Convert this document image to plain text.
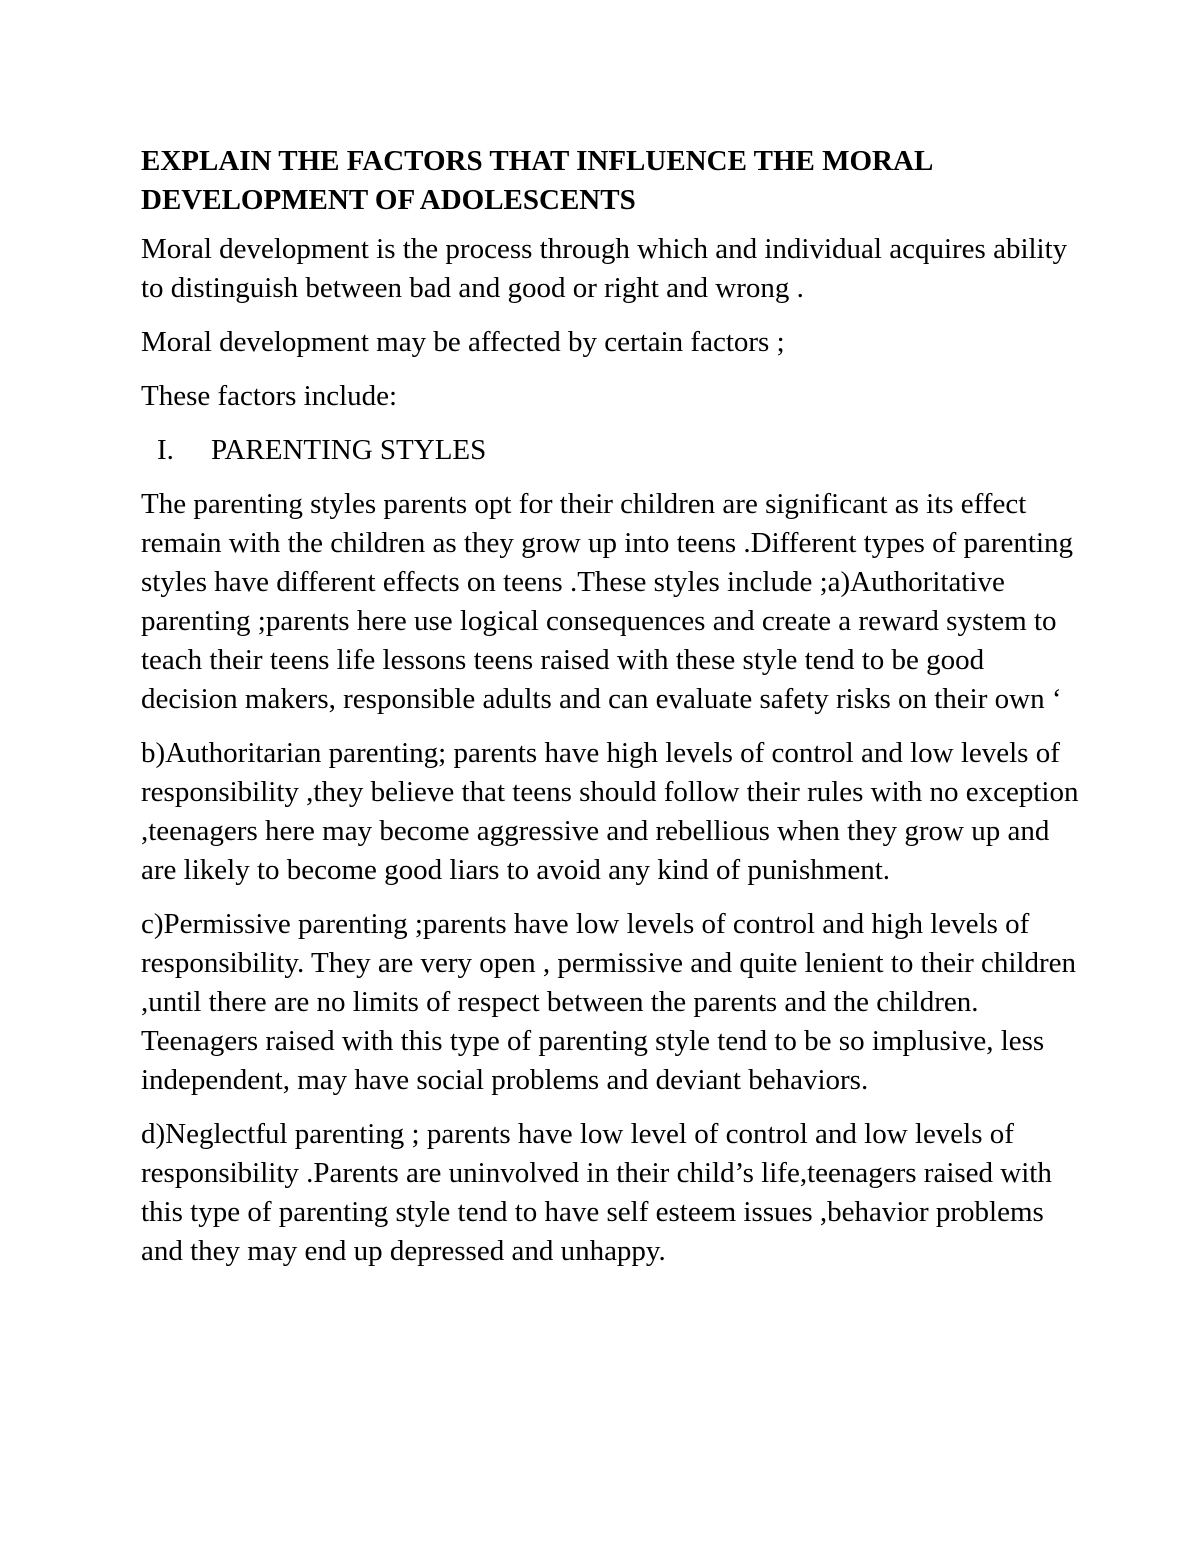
EXPLAIN THE FACTORS THAT INFLUENCE THE MORAL DEVELOPMENT OF ADOLESCENTS
Moral development is the process through which and individual acquires ability to distinguish between bad and good or right and wrong .
Moral development may be affected by certain factors ;
These factors include:
I.	PARENTING STYLES
The parenting styles parents opt for their children are significant as its effect remain with the children as they grow up into teens .Different types of parenting styles have different effects on teens .These styles include ;a)Authoritative parenting ;parents here use logical consequences and create a reward system to teach their teens life lessons teens raised with these style tend to be good decision makers, responsible adults and can evaluate safety risks on their own ‘
b)Authoritarian parenting; parents have high levels of control and low levels of responsibility ,they believe that teens should follow their rules with no exception ,teenagers here may become aggressive and rebellious when they grow up and are likely to become good liars to avoid any kind of punishment.
c)Permissive parenting ;parents have low levels of control and high levels of responsibility. They are very open , permissive and quite lenient to their children ,until there are no limits of respect between the parents and the children. Teenagers raised with this type of parenting style tend to be so implusive, less independent, may have social problems and deviant behaviors.
d)Neglectful parenting ; parents have low level of control and low levels of responsibility .Parents are uninvolved in their child’s life,teenagers raised with this type of parenting style tend to have self esteem issues ,behavior problems and they may end up depressed and unhappy.
